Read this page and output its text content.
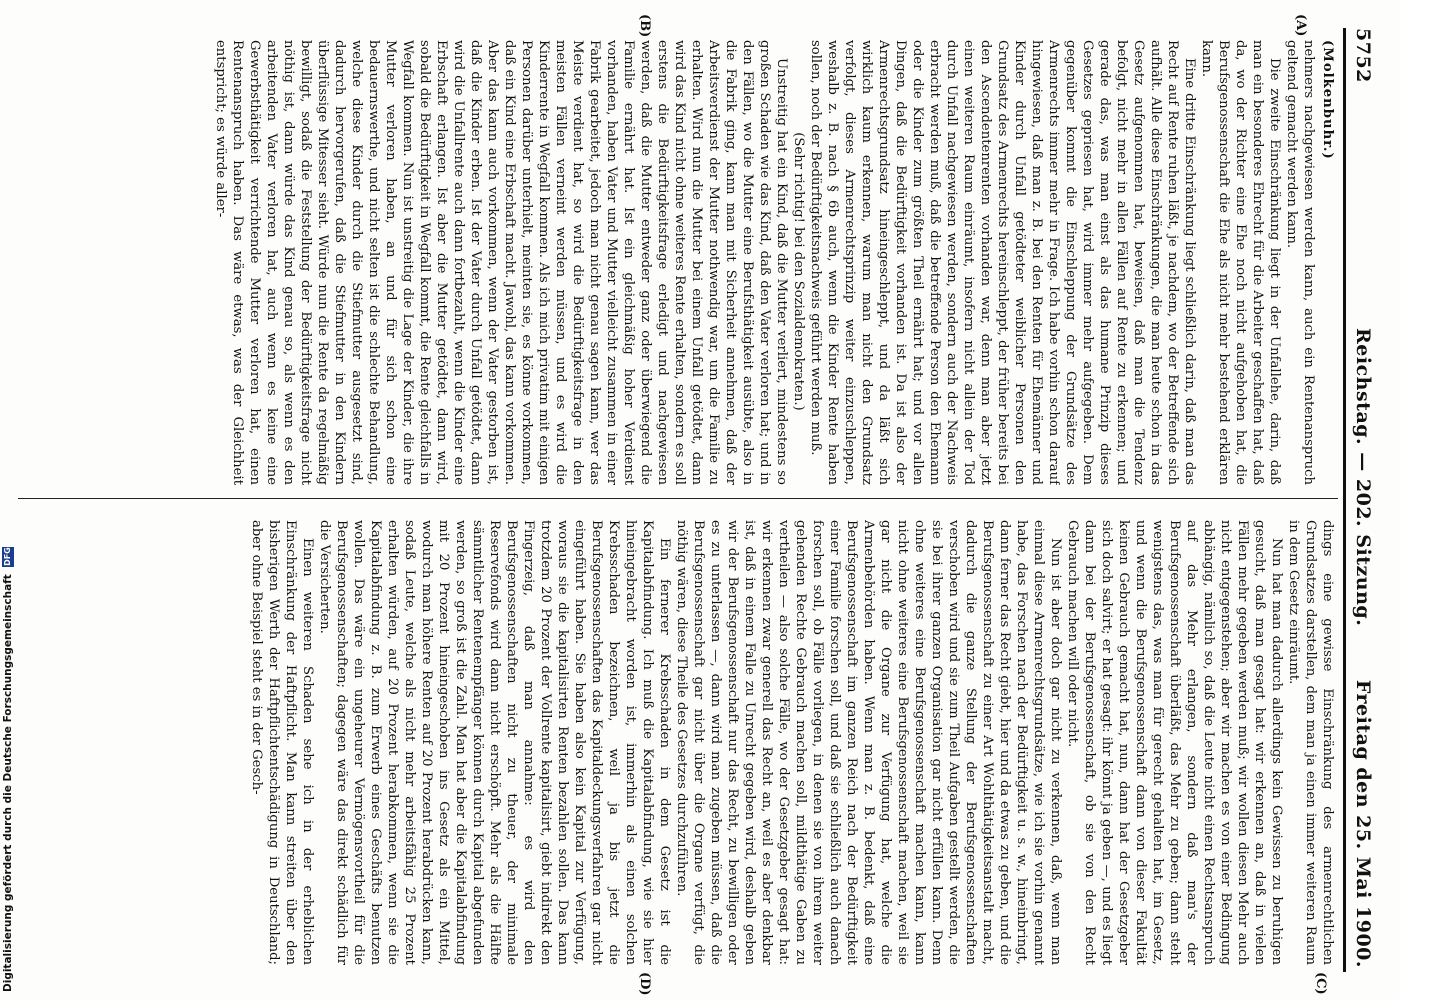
5752
Reichstag. — 202. Sitzung.
Freitag den 25. Mai 1900.
(A)
(B)
(C)
(D)

(Molkenbuhr.)

nehmers nachgewiesen werden kann, auch ein Rentenanspruch geltend gemacht werden kann.

Die zweite Einschränkung liegt in der Unfallehe, darin, daß man ein besonderes Ehrecht für die Arbeiter geschaffen hat, daß da, wo der Richter eine Ehe noch nicht aufgehoben hat, die Berufsgenossenschaft die Ehe als nicht mehr bestehend erklären kann.

Eine dritte Einschränkung liegt schließlich darin, daß man das Recht auf Rente ruhen läßt, je nachdem, wo der Betreffende sich aufhält. Alle diese Einschränkungen, die man heute schon in das Gesetz aufgenommen hat, beweisen, daß man die Tendenz befolgt, nicht mehr in allen Fällen auf Rente zu erkennen; und gerade das, was man einst als das humane Prinzip dieses Gesetzes gepriesen hat, wird immer mehr aufgegeben. Dem gegenüber kommt die Einschleppung der Grundsätze des Armenrechts immer mehr in Frage. Ich habe vorhin schon darauf hingewiesen, daß man z. B. bei den Renten für Ehemänner und Kinder durch Unfall getödteter weiblicher Personen den Grundsatz des Armenrechts hereinschleppt, der früher bereits bei den Ascendentenrenten vorhanden war, denn man aber jetzt einen weiteren Raum einräumt, insofern nicht allein der Tod durch Unfall nachgewiesen werden, sondern auch der Nachweis erbracht werden muß, daß die betreffende Person den Ehemann oder die Kinder zum größten Theil ernährt hat; und vor allen Dingen, daß die Bedürftigkeit vorhanden ist. Da ist also der Armenrechtsgrundsatz hineingeschleppt, und da läßt sich wirklich kaum erkennen, warum man nicht den Grundsatz verfolgt, dieses Armenrechtsprinzip weiter einzuschleppen, weshalb z. B. nach § 6b auch, wenn die Kinder Rente haben sollen, noch der Bedürftigkeitsnachweis geführt werden muß.

(Sehr richtig! bei den Sozialdemokraten.)

Unstreitig hat ein Kind, daß die Mutter verliert, mindestens so großen Schaden wie das Kind, daß den Vater verloren hat; und in den Fällen, wo die Mutter eine Berufsthätigkeit ausübte, also in die Fabrik ging, kann man mit Sicherheit annehmen, daß der Arbeitsverdienst der Mutter nothwendig war, um die Familie zu erhalten. Wird nun die Mutter bei einem Unfall getödtet, dann wird das Kind nicht ohne weiteres Rente erhalten, sondern es soll erstens die Bedürftigkeitsfrage erledigt und nachgewiesen werden, daß die Mutter entweder ganz oder überwiegend die Familie ernährt hat. Ist ein gleichmäßig hoher Verdienst vorhanden, haben Vater und Mutter vielleicht zusammen in einer Fabrik gearbeitet, jedoch man nicht genau sagen kann, wer das Meiste verdient hat, so wird die Bedürftigkeitsfrage in den meisten Fällen verneint werden müssen, und es wird die Kinderrente in Wegfall kommen. Als ich mich privatim mit einigen Personen darüber unterhielt, meinten sie, es könne vorkommen, daß ein Kind eine Erbschaft macht. Jawohl, das kann vorkommen. Aber das kann auch vorkommen, wenn der Vater gestorben ist, daß die Kinder erben. Ist der Vater durch Unfall getödtet, dann wird die Unfallrente auch dann fortbezahlt, wenn die Kinder eine Erbschaft erlangen. Ist aber die Mutter getödtet, dann wird, sobald die Bedürftigkeit in Wegfall kommt, die Rente gleichfalls in Wegfall kommen. Nun ist unstreitig die Lage der Kinder, die ihre Mutter verloren haben, an und für sich schon eine bedauernswerthe, und nicht selten ist die schlechte Behandlung, welche diese Kinder durch die Stiefmutter ausgesetzt sind, dadurch hervorgerufen, daß die Stiefmutter in den Kindern überflüssige Mitesser sieht. Würde nun die Rente da regelmäßig bewilligt, sodaß die Feststellung der Bedürftigkeitsfrage nicht nöthig ist, dann würde das Kind genau so, als wenn es den arbeitenden Vater verloren hat, auch wenn es keine eine Gewerbsthätigkeit verrichtende Mutter verloren hat, einen Rentenanspruch haben. Das wäre etwas, was der Gleichheit entspricht; es würde aller-

dings eine gewisse Einschränkung des armenrechtlichen Grundsatzes darstellen, dem man ja einen immer weiteren Raum in dem Gesetz einräumt.

Nun hat man dadurch allerdings kein Gewissen zu beruhigen gesucht, daß man gesagt hat: wir erkennen an, daß in vielen Fällen mehr gegeben werden muß; wir wollen diesen Mehr auch nicht entgegenstehen; aber wir machen es von einer Bedingung abhängig, nämlich so, daß die Leute nicht einen Rechtsanspruch auf das Mehr erlangen, sondern daß man's der Berufsgenossenschaft überläßt, das Mehr zu geben; dann steht wenigstens das, was man für gerecht gehalten hat, im Gesetz, und wenn die Berufsgenossenschaft dann von dieser Fakultät keinen Gebrauch gemacht hat, nun, dann hat der Gesetzgeber sich doch salvirt; er hat gesagt: ihr könnt ja geben —, und es liegt dann bei der Berufsgenossenschaft, ob sie von den Recht Gebrauch machen will oder nicht.

Nun ist aber doch gar nicht zu verkennen, daß, wenn man einmal diese Armenrechtsgrundsätze, wie ich sie vorhin genannt habe, das Forschen nach der Bedürftigkeit u. s. w., hineinbringt, dann ferner das Recht giebt, hier und da etwas zu geben, und die Berufsgenossenschaft zu einer Art Wohlthätigkeitsanstalt macht, dadurch die ganze Stellung der Berufsgenossenschaften verschoben wird und sie zum Theil Aufgaben gestellt werden, die sie bei ihrer ganzen Organisation gar nicht erfüllen kann. Denn ohne weiteres eine Berufsgenossenschaft machen kann, kann nicht ohne weiteres eine Berufsgenossenschaft machen, weil sie gar nicht die Organe zur Verfügung hat, welche die Armenbehörden haben. Wenn man z. B. bedenkt, daß eine Berufsgenossenschaft im ganzen Reich nach der Bedürftigkeit einer Familie forschen soll, und daß sie schließlich auch danach forschen soll, ob Fälle vorliegen, in denen sie von ihrem weiter gehenden Rechte Gebrauch machen soll, mildthätige Gaben zu vertheilen — also solche Fälle, wo der Gesetzgeber gesagt hat: wir erkennen zwar generell das Recht an, weil es aber denkbar ist, daß in einem Falle zu Unrecht gegeben wird, deshalb geben wir der Berufsgenossenschaft nur das Recht, zu bewilligen oder es zu unterlassen —, dann wird man zugeben müssen, daß die Berufsgenossenschaft gar nicht über die Organe verfügt, die nöthig wären, diese Theile des Gesetzes durchzuführen.

Ein fernerer Krebsschaden in dem Gesetz ist die Kapitalabfindung. Ich muß die Kapitalabfindung, wie sie hier hineingebracht worden ist, immerhin als einen solchen Krebsschaden bezeichnen, weil ja bis jetzt die Berufsgenossenschaften das Kapitaldeckungsverfahren gar nicht eingeführt haben. Sie haben also kein Kapital zur Verfügung, woraus sie die kapitalisirten Renten bezahlen sollen. Das kann trotzdem 20 Prozent der Vollrente kapitalisirt, giebt indirekt den Fingerzeig, daß man annahme: es wird den Berufsgenossenschaften nicht zu theuer, der minimale Reservefonds wird dann nicht erschöpft. Mehr als die Hälfte sämmtlicher Rentenempfänger können durch Kapital abgefunden werden, so groß ist die Zahl. Man hat aber die Kapitalabfindung mit 20 Prozent hineingeschoben ins Gesetz als ein Mittel, wodurch man höhere Renten auf 20 Prozent herabdrücken kann, sodaß Leute, welche als nicht mehr arbeitsfähig 25 Prozent erhalten würden, auf 20 Prozent herabkommen, wenn sie die Kapitalabfindung z. B. zum Erwerb eines Geschäfts benutzen wollen. Das wäre ein ungeheurer Vermögensvortheil für die Berufsgenossenschaften; dagegen wäre das direkt schädlich für die Versicherten.

Einen weiteren Schaden sehe ich in der erheblichen Einschränkung der Haftpflicht. Man kann streiten über den bisherigen Werth der Haftpflichtentschädigung in Deutschland; aber ohne Beispiel steht es in der Gesch-

Digitalisierung gefördert durch die Deutsche Forschungsgemeinschaft DFG
